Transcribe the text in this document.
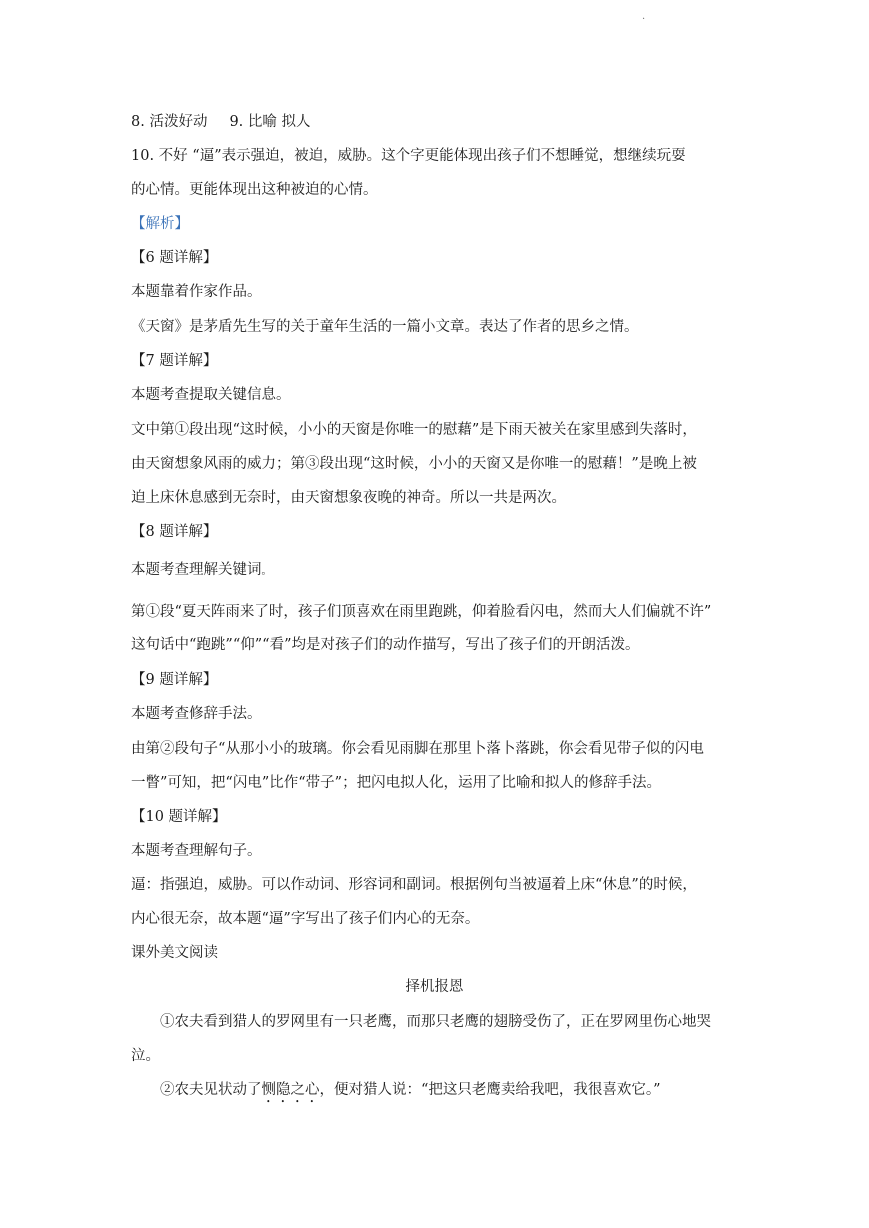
·
8. 活泼好动 9. 比喻 拟人
10. 不好 “逼”表示强迫，被迫，威胁。这个字更能体现出孩子们不想睡觉，想继续玩耍
的心情。更能体现出这种被迫的心情。
【解析】
【6 题详解】
本题靠着作家作品。
《天窗》是茅盾先生写的关于童年生活的一篇小文章。表达了作者的思乡之情。
【7 题详解】
本题考查提取关键信息。
文中第①段出现“这时候，小小的天窗是你唯一的慰藉”是下雨天被关在家里感到失落时，
由天窗想象风雨的威力；第③段出现“这时候，小小的天窗又是你唯一的慰藉！”是晚上被
迫上床休息感到无奈时，由天窗想象夜晚的神奇。所以一共是两次。
【8 题详解】
本题考查理解关键词。
第①段“夏天阵雨来了时，孩子们顶喜欢在雨里跑跳，仰着脸看闪电，然而大人们偏就不许”
这句话中“跑跳”“仰”“看”均是对孩子们的动作描写，写出了孩子们的开朗活泼。
【9 题详解】
本题考查修辞手法。
由第②段句子“从那小小的玻璃。你会看见雨脚在那里卜落卜落跳，你会看见带子似的闪电
一瞥”可知，把“闪电”比作“带子”；把闪电拟人化，运用了比喻和拟人的修辞手法。
【10 题详解】
本题考查理解句子。
逼：指强迫，威胁。可以作动词、形容词和副词。根据例句当被逼着上床“休息”的时候，
内心很无奈，故本题“逼”字写出了孩子们内心的无奈。
课外美文阅读
择机报恩
①农夫看到猎人的罗网里有一只老鹰，而那只老鹰的翅膀受伤了，正在罗网里伤心地哭
泣。
②农夫见状动了恻隐之心，便对猎人说：“把这只老鹰卖给我吧，我很喜欢它。”
